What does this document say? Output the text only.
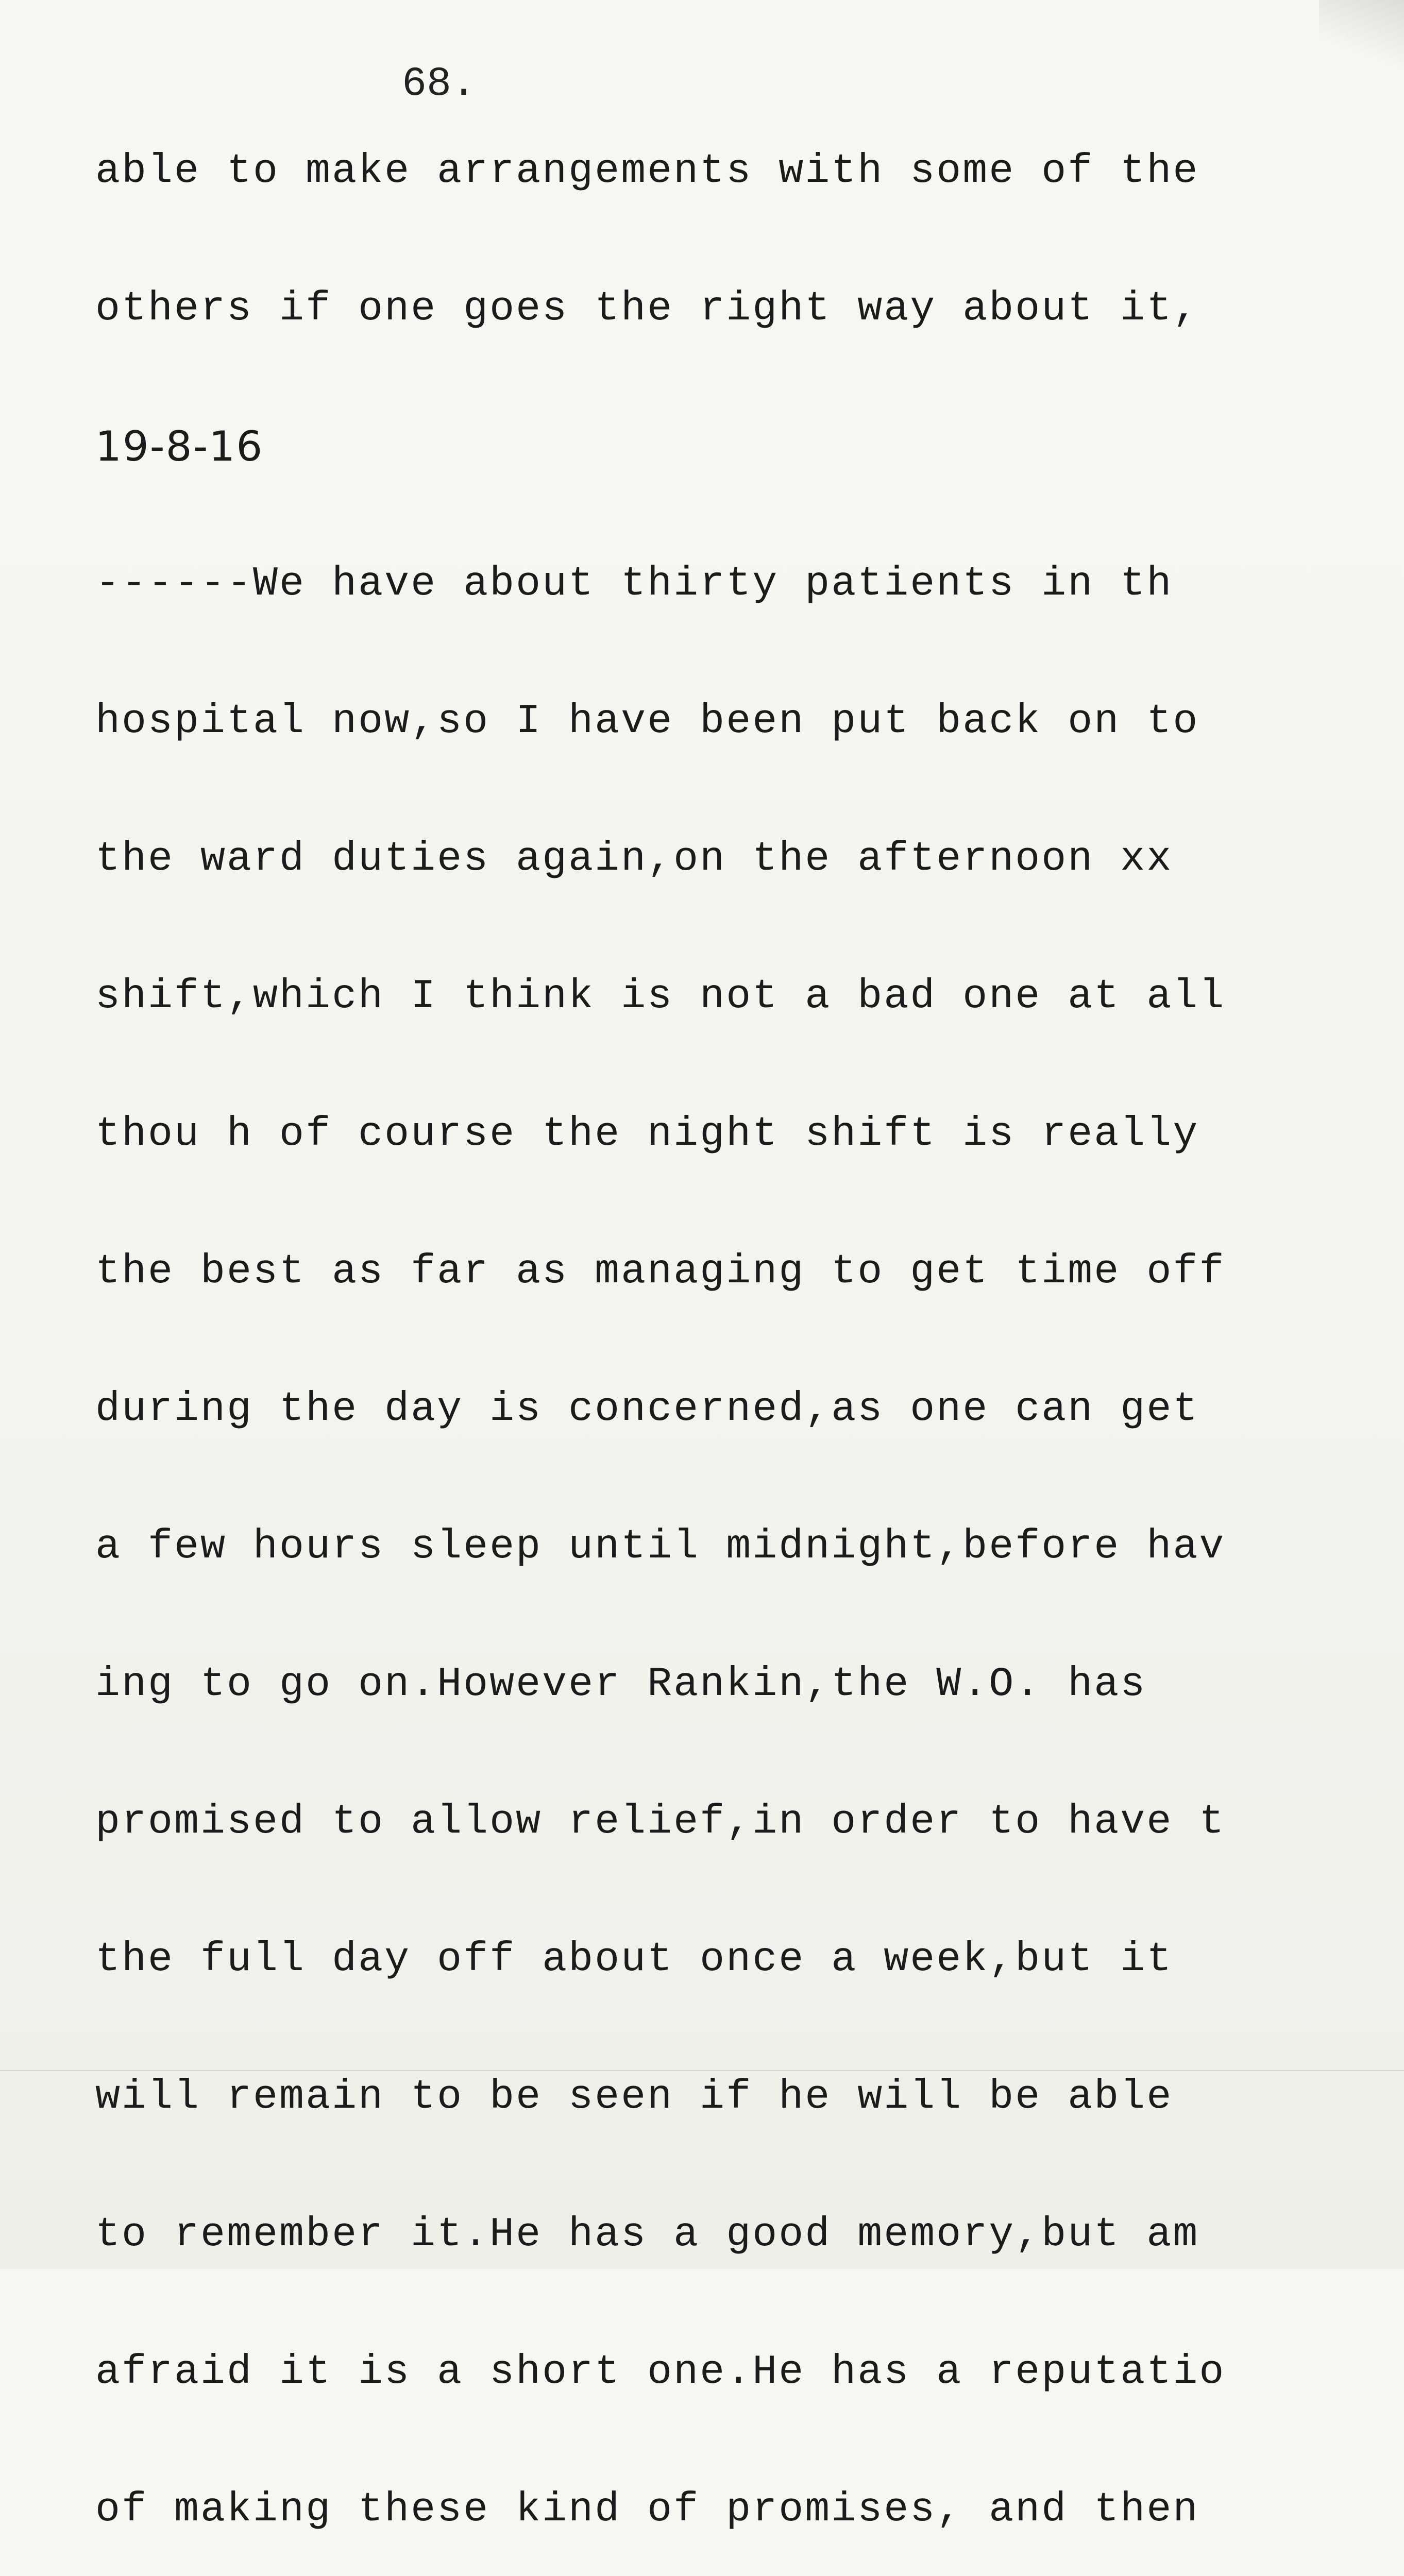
68.

able to make arrangements with some of the

others if one goes the right way about it,

19-8-16

------We have about thirty patients in th

hospital now,so I have been put back on to

the ward duties again,on the afternoon xx

shift,which I think is not a bad one at all

thou h of course the night shift is really

the best as far as managing to get time off

during the day is concerned,as one can get

a few hours sleep until midnight,before hav

ing to go on.However Rankin,the W.O. has

promised to allow relief,in order to have t

the full day off about once a week,but it

will remain to be seen if he will be able

to remember it.He has a good memory,but am

afraid it is a short one.He has a reputatio

of making these kind of promises, and then
